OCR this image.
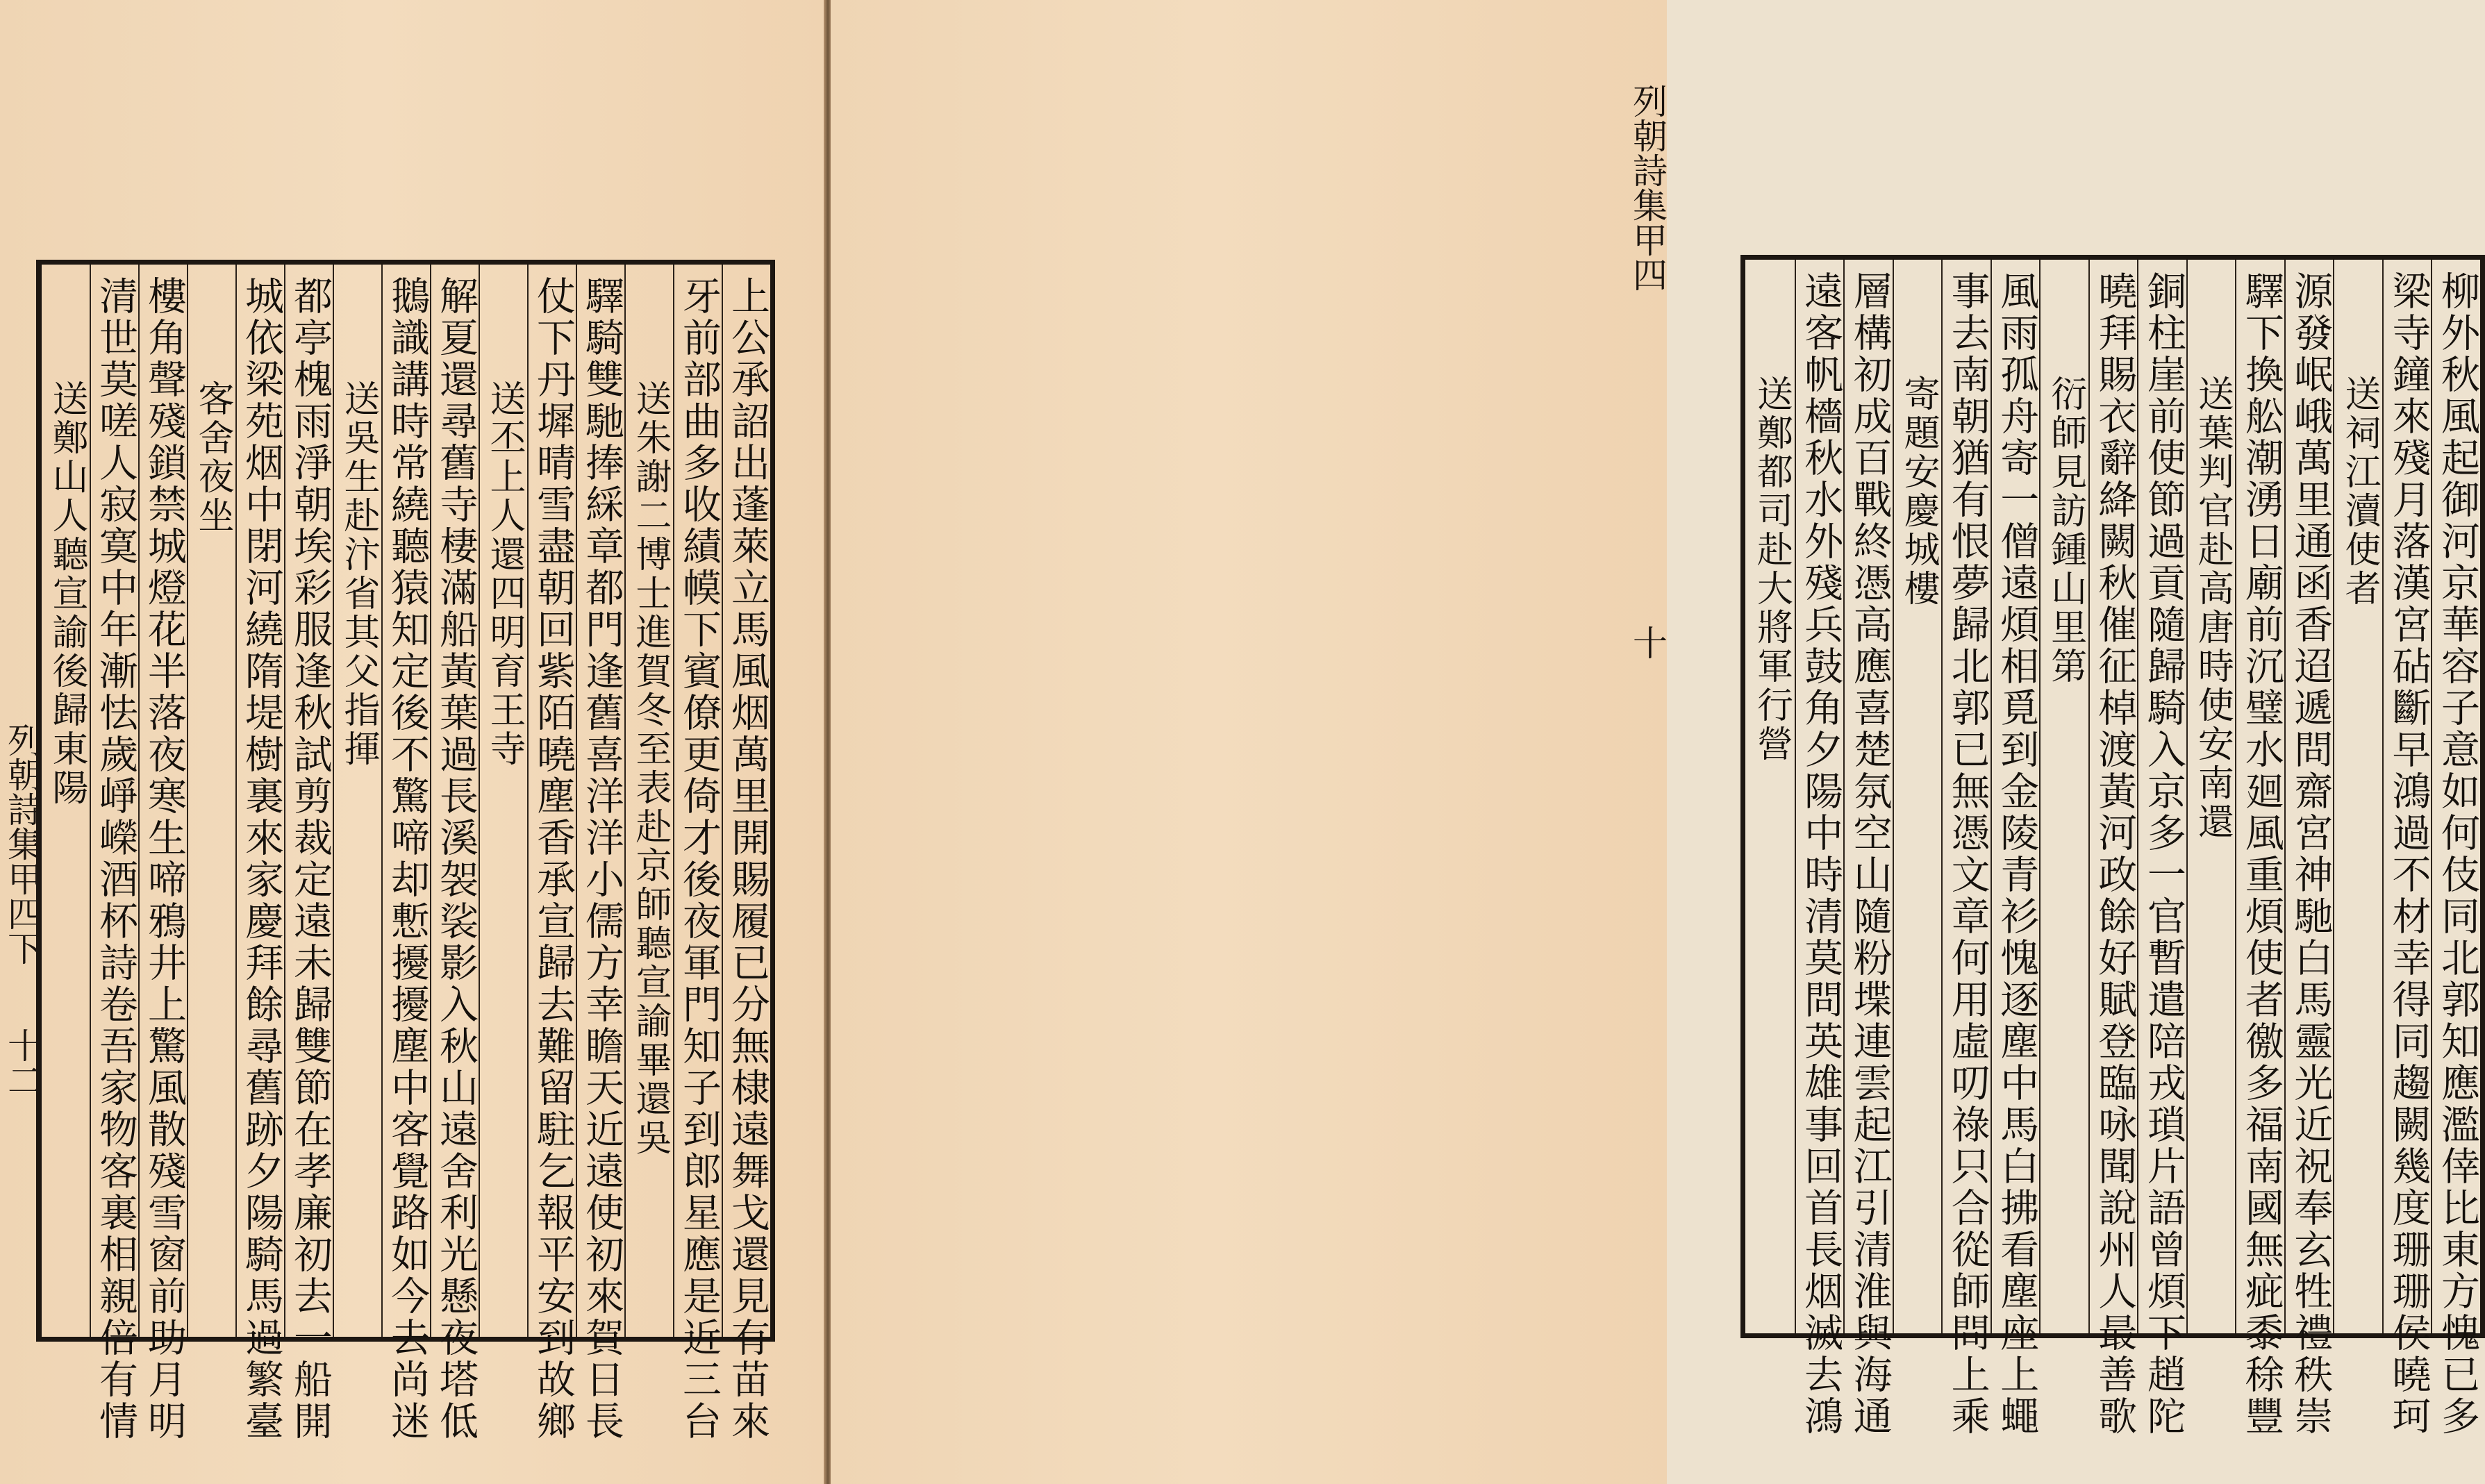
列朝詩集甲四下
十二	上公承詔出蓬萊立馬風烟萬里開賜履已分無棣遠舞戈還見有苗來
牙前部曲多收績幙下賓僚更倚才後夜軍門知子到郎星應是近三台
送朱謝二博士進賀冬至表赴京師聽宣諭畢還吳
驛騎雙馳捧綵章都門逢舊喜洋洋小儒方幸瞻天近遠使初來賀日長
仗下丹墀晴雪盡朝回紫陌曉塵香承宣歸去難留駐乞報平安到故鄉
送丕上人還四明育王寺
解夏還尋舊寺棲滿船黃葉過長溪袈裟影入秋山遠舍利光懸夜塔低
鵝識講時常繞聽猿知定後不驚啼却慙擾擾塵中客覺路如今去尚迷
送吳生赴汴省其父指揮
都亭槐雨淨朝埃彩服逢秋試剪裁定遠未歸雙節在孝廉初去一船開
城依梁苑烟中閉河繞隋堤樹裏來家慶拜餘尋舊跡夕陽騎馬過繁臺
客舍夜坐
樓角聲殘鎖禁城燈花半落夜寒生啼鴉井上驚風散殘雪窗前助月明
清世莫嗟人寂寞中年漸怯歲崢嶸酒杯詩卷吾家物客裏相親倍有情
送鄭山人聽宣諭後歸東陽	柳外秋風起御河京華容子意如何伎同北郭知應濫倖比東方愧已多
梁寺鐘來殘月落漢宮砧斷早鴻過不材幸得同趨闕幾度珊珊侯曉珂
送祠江瀆使者
源發岷峨萬里通函香迢遞問齋宮神馳白馬靈光近祝奉玄牲禮秩崇
驛下換舩潮湧日廟前沉璧水廻風重煩使者徼多福南國無疵黍稌豐
送葉判官赴高唐時使安南還
銅柱崖前使節過貢隨歸騎入京多一官暫遣陪戎瑣片語曾煩下趙陀
曉拜賜衣辭絳闕秋催征棹渡黃河政餘好賦登臨咏聞說州人最善歌
衍師見訪鍾山里第
風雨孤舟寄一僧遠煩相覓到金陵青衫愧逐塵中馬白拂看塵座上蠅
事去南朝猶有恨夢歸北郭已無憑文章何用虛叨祿只合從師問上乘
寄題安慶城樓
層構初成百戰終憑高應喜楚氛空山隨粉堞連雲起江引清淮與海通
遠客帆檣秋水外殘兵鼓角夕陽中時清莫問英雄事回首長烟滅去鴻
送鄭都司赴大將軍行營
列朝詩集甲四
十
